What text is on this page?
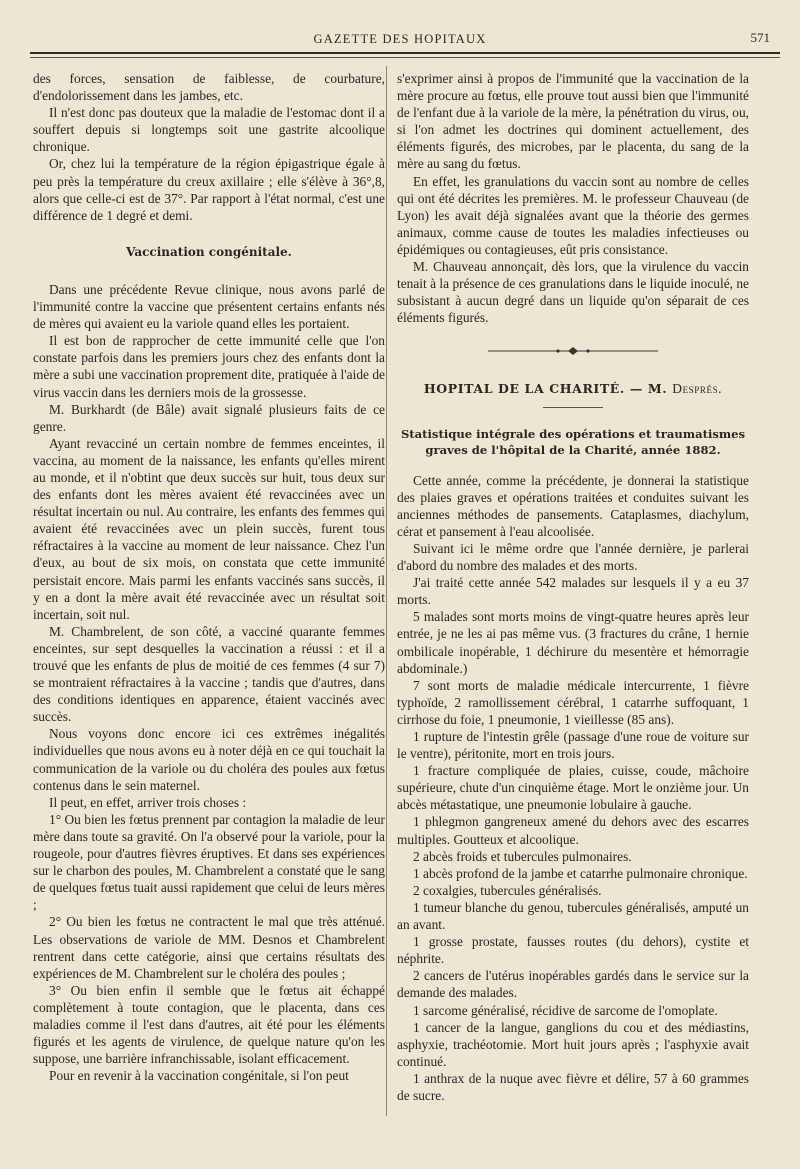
GAZETTE DES HOPITAUX	571

des forces, sensation de faiblesse, de courbature, d'endolorissement dans les jambes, etc.

Il n'est donc pas douteux que la maladie de l'estomac dont il a souffert depuis si longtemps soit une gastrite alcoolique chronique.

Or, chez lui la température de la région épigastrique égale à peu près la température du creux axillaire ; elle s'élève à 36°,8, alors que celle-ci est de 37°. Par rapport à l'état normal, c'est une différence de 1 degré et demi.

Vaccination congénitale.

Dans une précédente Revue clinique, nous avons parlé de l'immunité contre la vaccine que présentent certains enfants nés de mères qui avaient eu la variole quand elles les portaient.

Il est bon de rapprocher de cette immunité celle que l'on constate parfois dans les premiers jours chez des enfants dont la mère a subi une vaccination proprement dite, pratiquée à l'aide de virus vaccin dans les derniers mois de la grossesse.

M. Burkhardt (de Bâle) avait signalé plusieurs faits de ce genre.

Ayant revacciné un certain nombre de femmes enceintes, il vaccina, au moment de la naissance, les enfants qu'elles mirent au monde, et il n'obtint que deux succès sur huit, tous deux sur des enfants dont les mères avaient été revaccinées avec un résultat incertain ou nul. Au contraire, les enfants des femmes qui avaient été revaccinées avec un plein succès, furent tous réfractaires à la vaccine au moment de leur naissance. Chez l'un d'eux, au bout de six mois, on constata que cette immunité persistait encore. Mais parmi les enfants vaccinés sans succès, il y en a dont la mère avait été revaccinée avec un résultat soit incertain, soit nul.

M. Chambrelent, de son côté, a vacciné quarante femmes enceintes, sur sept desquelles la vaccination a réussi : et il a trouvé que les enfants de plus de moitié de ces femmes (4 sur 7) se montraient réfractaires à la vaccine ; tandis que d'autres, dans des conditions identiques en apparence, étaient vaccinés avec succès.

Nous voyons donc encore ici ces extrêmes inégalités individuelles que nous avons eu à noter déjà en ce qui touchait la communication de la variole ou du choléra des poules aux fœtus contenus dans le sein maternel.

Il peut, en effet, arriver trois choses :

1° Ou bien les fœtus prennent par contagion la maladie de leur mère dans toute sa gravité. On l'a observé pour la variole, pour la rougeole, pour d'autres fièvres éruptives. Et dans ses expériences sur le charbon des poules, M. Chambrelent a constaté que le sang de quelques fœtus tuait aussi rapidement que celui de leurs mères ;

2° Ou bien les fœtus ne contractent le mal que très atténué. Les observations de variole de MM. Desnos et Chambrelent rentrent dans cette catégorie, ainsi que certains résultats des expériences de M. Chambrelent sur le choléra des poules ;

3° Ou bien enfin il semble que le fœtus ait échappé complètement à toute contagion, que le placenta, dans ces maladies comme il l'est dans d'autres, ait été pour les éléments figurés et les agents de virulence, de quelque nature qu'on les suppose, une barrière infranchissable, isolant efficacement.

Pour en revenir à la vaccination congénitale, si l'on peut

s'exprimer ainsi à propos de l'immunité que la vaccination de la mère procure au fœtus, elle prouve tout aussi bien que l'immunité de l'enfant due à la variole de la mère, la pénétration du virus, ou, si l'on admet les doctrines qui dominent actuellement, des éléments figurés, des microbes, par le placenta, du sang de la mère au sang du fœtus.

En effet, les granulations du vaccin sont au nombre de celles qui ont été décrites les premières. M. le professeur Chauveau (de Lyon) les avait déjà signalées avant que la théorie des germes animaux, comme cause de toutes les maladies infectieuses ou épidémiques ou contagieuses, eût pris consistance.

M. Chauveau annonçait, dès lors, que la virulence du vaccin tenait à la présence de ces granulations dans le liquide inoculé, ne subsistant à aucun degré dans un liquide qu'on séparait de ces éléments figurés.

HOPITAL DE LA CHARITÉ. — M. Després.
Statistique intégrale des opérations et traumatismes graves de l'hôpital de la Charité, année 1882.

Cette année, comme la précédente, je donnerai la statistique des plaies graves et opérations traitées et conduites suivant les anciennes méthodes de pansements. Cataplasmes, diachylum, cérat et pansement à l'eau alcoolisée.

Suivant ici le même ordre que l'année dernière, je parlerai d'abord du nombre des malades et des morts.

J'ai traité cette année 542 malades sur lesquels il y a eu 37 morts.

5 malades sont morts moins de vingt-quatre heures après leur entrée, je ne les ai pas même vus. (3 fractures du crâne, 1 hernie ombilicale inopérable, 1 déchirure du mesentère et hémorragie abdominale.)

7 sont morts de maladie médicale intercurrente, 1 fièvre typhoïde, 2 ramollissement cérébral, 1 catarrhe suffoquant, 1 cirrhose du foie, 1 pneumonie, 1 vieillesse (85 ans).

1 rupture de l'intestin grêle (passage d'une roue de voiture sur le ventre), péritonite, mort en trois jours.

1 fracture compliquée de plaies, cuisse, coude, mâchoire supérieure, chute d'un cinquième étage. Mort le onzième jour. Un abcès métastatique, une pneumonie lobulaire à gauche.

1 phlegmon gangreneux amené du dehors avec des escarres multiples. Goutteux et alcoolique.

2 abcès froids et tubercules pulmonaires.

1 abcès profond de la jambe et catarrhe pulmonaire chronique.

2 coxalgies, tubercules généralisés.

1 tumeur blanche du genou, tubercules généralisés, amputé un an avant.

1 grosse prostate, fausses routes (du dehors), cystite et néphrite.

2 cancers de l'utérus inopérables gardés dans le service sur la demande des malades.

1 sarcome généralisé, récidive de sarcome de l'omoplate.

1 cancer de la langue, ganglions du cou et des médiastins, asphyxie, trachéotomie. Mort huit jours après ; l'asphyxie avait continué.

1 anthrax de la nuque avec fièvre et délire, 57 à 60 grammes de sucre.
